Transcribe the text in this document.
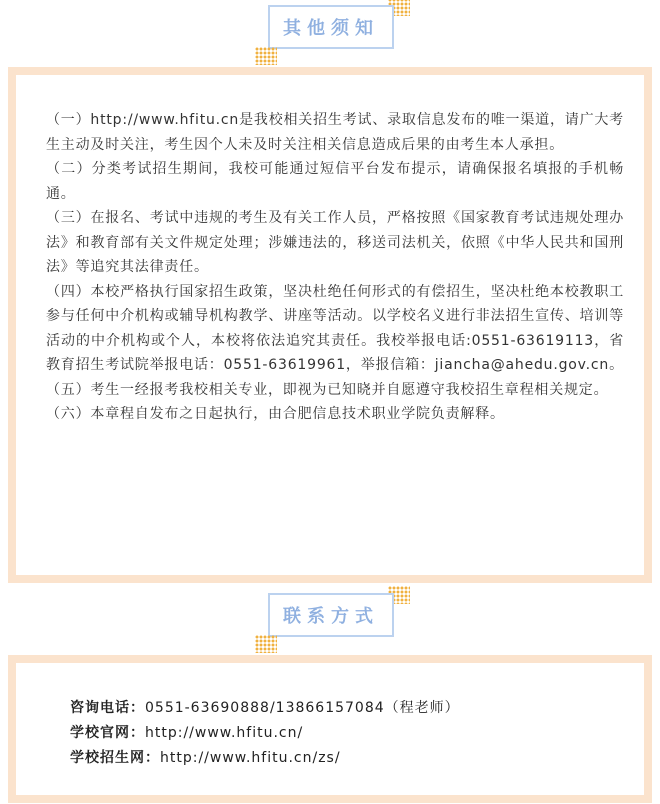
其他须知

（一）http://www.hfitu.cn是我校相关招生考试、录取信息发布的唯一渠道，请广大考生主动及时关注，考生因个人未及时关注相关信息造成后果的由考生本人承担。

（二）分类考试招生期间，我校可能通过短信平台发布提示，请确保报名填报的手机畅通。

（三）在报名、考试中违规的考生及有关工作人员，严格按照《国家教育考试违规处理办法》和教育部有关文件规定处理；涉嫌违法的，移送司法机关，依照《中华人民共和国刑法》等追究其法律责任。

（四）本校严格执行国家招生政策，坚决杜绝任何形式的有偿招生，坚决杜绝本校教职工参与任何中介机构或辅导机构教学、讲座等活动。以学校名义进行非法招生宣传、培训等活动的中介机构或个人，本校将依法追究其责任。我校举报电话:0551-63619113，省教育招生考试院举报电话：0551-63619961，举报信箱：jiancha@ahedu.gov.cn。

（五）考生一经报考我校相关专业，即视为已知晓并自愿遵守我校招生章程相关规定。

（六）本章程自发布之日起执行，由合肥信息技术职业学院负责解释。

联系方式
咨询电话：0551-63690888/13866157084（程老师）
学校官网：http://www.hfitu.cn/
学校招生网：http://www.hfitu.cn/zs/
